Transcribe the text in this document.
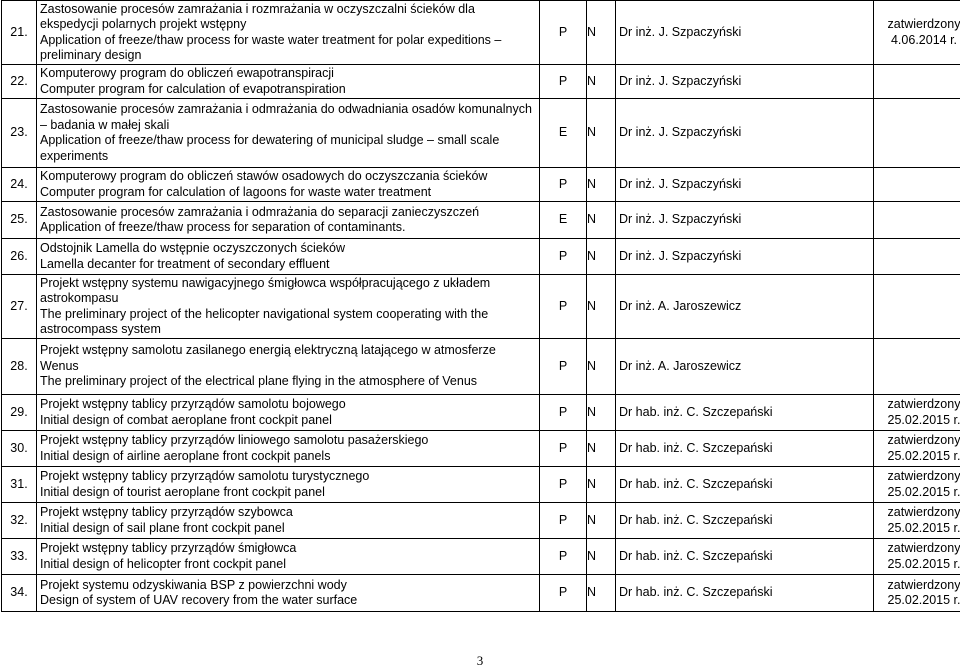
21.	Zastosowanie procesów zamrażania i rozmrażania w oczyszczalni ścieków dla ekspedycji polarnych projekt wstępny
Application of freeze/thaw process for waste water treatment for polar expeditions – preliminary design	P	N	Dr inż. J. Szpaczyński	zatwierdzony
4.06.2014 r.

22.	Komputerowy program do obliczeń ewapotranspiracji
Computer program for calculation of evapotranspiration	P	N	Dr inż. J. Szpaczyński	

23.	Zastosowanie procesów zamrażania i odmrażania do odwadniania osadów komunalnych – badania w małej skali
Application of freeze/thaw process for dewatering of municipal sludge – small scale experiments	E	N	Dr inż. J. Szpaczyński	

24.	Komputerowy program do obliczeń stawów osadowych do oczyszczania ścieków
Computer program for calculation of lagoons for waste water treatment	P	N	Dr inż. J. Szpaczyński	

25.	Zastosowanie procesów zamrażania i odmrażania do separacji zanieczyszczeń
Application of freeze/thaw process for separation of contaminants.	E	N	Dr inż. J. Szpaczyński	

26.	Odstojnik Lamella do wstępnie oczyszczonych ścieków
Lamella decanter for treatment of secondary effluent	P	N	Dr inż. J. Szpaczyński	

27.	Projekt wstępny systemu nawigacyjnego śmigłowca współpracującego z układem astrokompasu
The preliminary project of the helicopter navigational system cooperating with the astrocompass system	P	N	Dr inż. A. Jaroszewicz	

28.	Projekt wstępny samolotu zasilanego energią elektryczną latającego w atmosferze Wenus
The preliminary project of the electrical plane flying in the atmosphere of Venus	P	N	Dr inż. A. Jaroszewicz	

29.	Projekt wstępny tablicy przyrządów samolotu bojowego
Initial design of combat aeroplane front cockpit panel	P	N	Dr hab. inż. C. Szczepański	zatwierdzony
25.02.2015 r.

30.	Projekt wstępny tablicy przyrządów liniowego samolotu pasażerskiego
Initial design of airline aeroplane front cockpit panels	P	N	Dr hab. inż. C. Szczepański	zatwierdzony
25.02.2015 r.

31.	Projekt wstępny tablicy przyrządów samolotu turystycznego
Initial design of tourist aeroplane front cockpit panel	P	N	Dr hab. inż. C. Szczepański	zatwierdzony
25.02.2015 r.

32.	Projekt wstępny tablicy przyrządów szybowca
Initial design of sail plane front cockpit panel	P	N	Dr hab. inż. C. Szczepański	zatwierdzony
25.02.2015 r.

33.	Projekt wstępny tablicy przyrządów śmigłowca
Initial design of helicopter front cockpit panel	P	N	Dr hab. inż. C. Szczepański	zatwierdzony
25.02.2015 r.

34.	Projekt systemu odzyskiwania BSP z powierzchni wody
Design of system of UAV recovery from the water surface	P	N	Dr hab. inż. C. Szczepański	zatwierdzony
25.02.2015 r.
3
